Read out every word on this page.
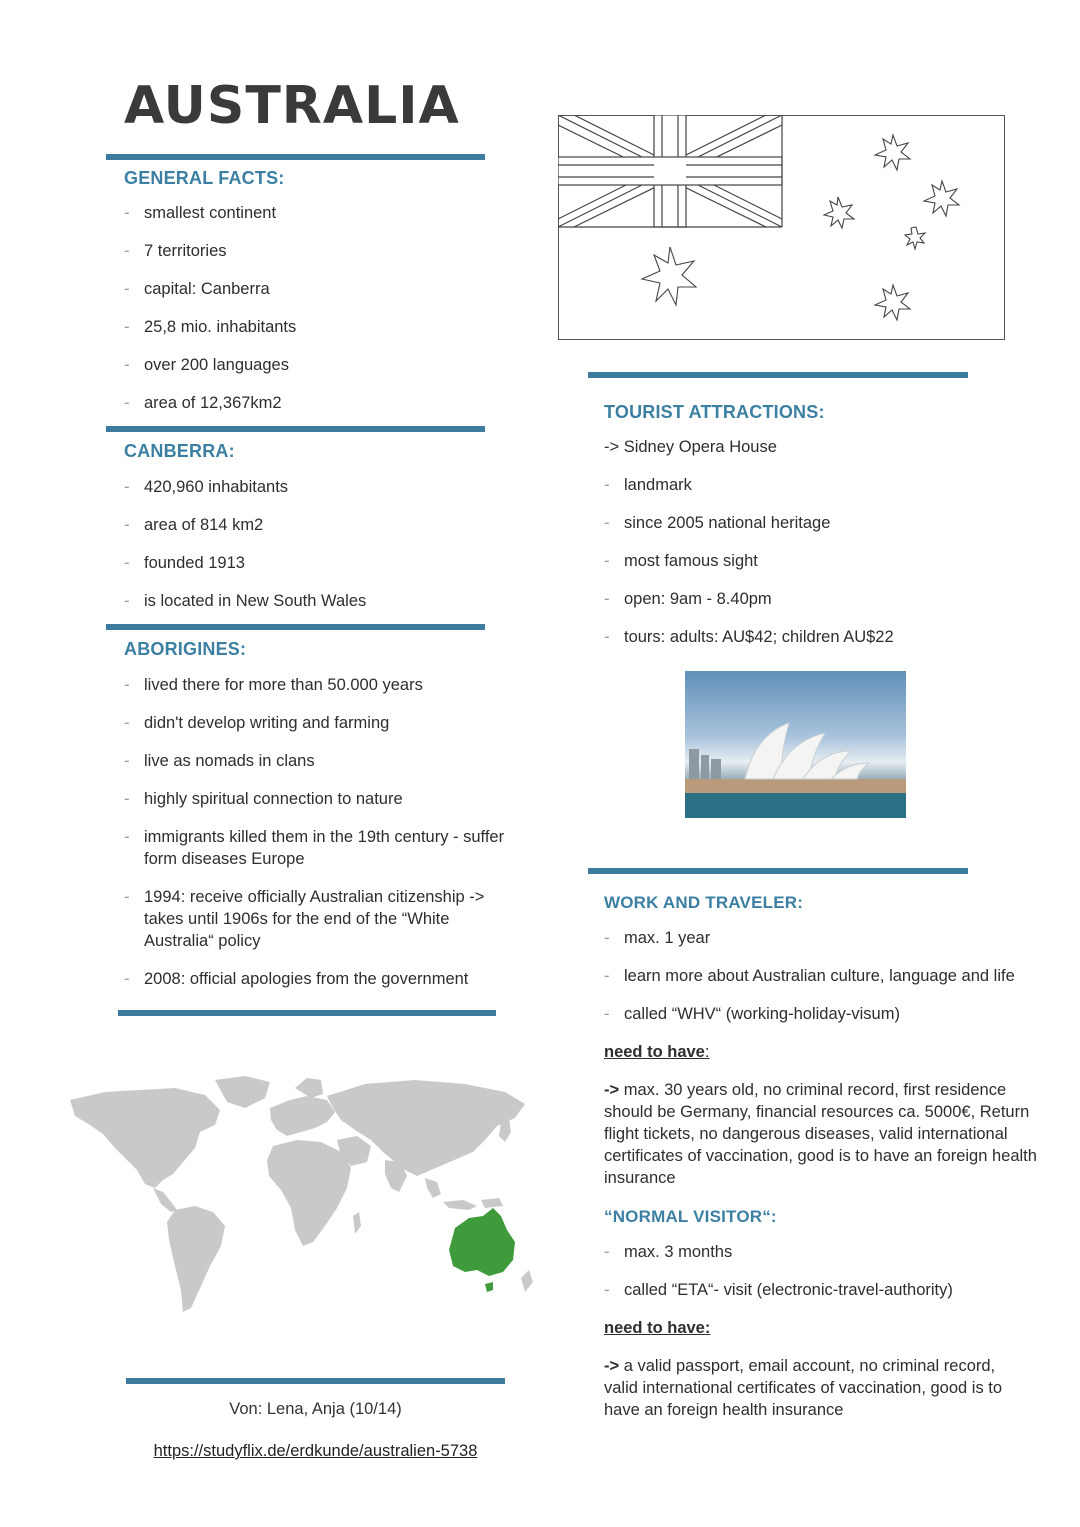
AUSTRALIA
GENERAL FACTS:
- smallest continent
- 7 territories
- capital: Canberra
- 25,8 mio. inhabitants
- over 200 languages
- area of 12,367km2
CANBERRA:
- 420,960 inhabitants
- area of 814 km2
- founded 1913
- is located in New South Wales
ABORIGINES:
- lived there for more than 50.000 years
- didn't develop writing and farming
- live as nomads in clans
- highly spiritual connection to nature
- immigrants killed them in the 19th century - suffer form diseases Europe
- 1994: receive officially Australian citizenship -> takes until 1906s for the end of the “White Australia“ policy
- 2008: official apologies from the government
Von: Lena, Anja (10/14)
https://studyflix.de/erdkunde/australien-5738
TOURIST ATTRACTIONS:
-> Sidney Opera House
- landmark
- since 2005 national heritage
- most famous sight
- open: 9am - 8.40pm
- tours: adults: AU$42; children AU$22
WORK AND TRAVELER:
- max. 1 year
- learn more about Australian culture, language and life
- called “WHV“ (working-holiday-visum)
need to have:
-> max. 30 years old, no criminal record, first residence should be Germany, financial resources ca. 5000€, Return flight tickets, no dangerous diseases, valid international certificates of vaccination, good is to have an foreign health insurance
“NORMAL VISITOR“:
- max. 3 months
- called “ETA“- visit (electronic-travel-authority)
need to have:
-> a valid passport, email account, no criminal record, valid international certificates of vaccination, good is to have an foreign health insurance
